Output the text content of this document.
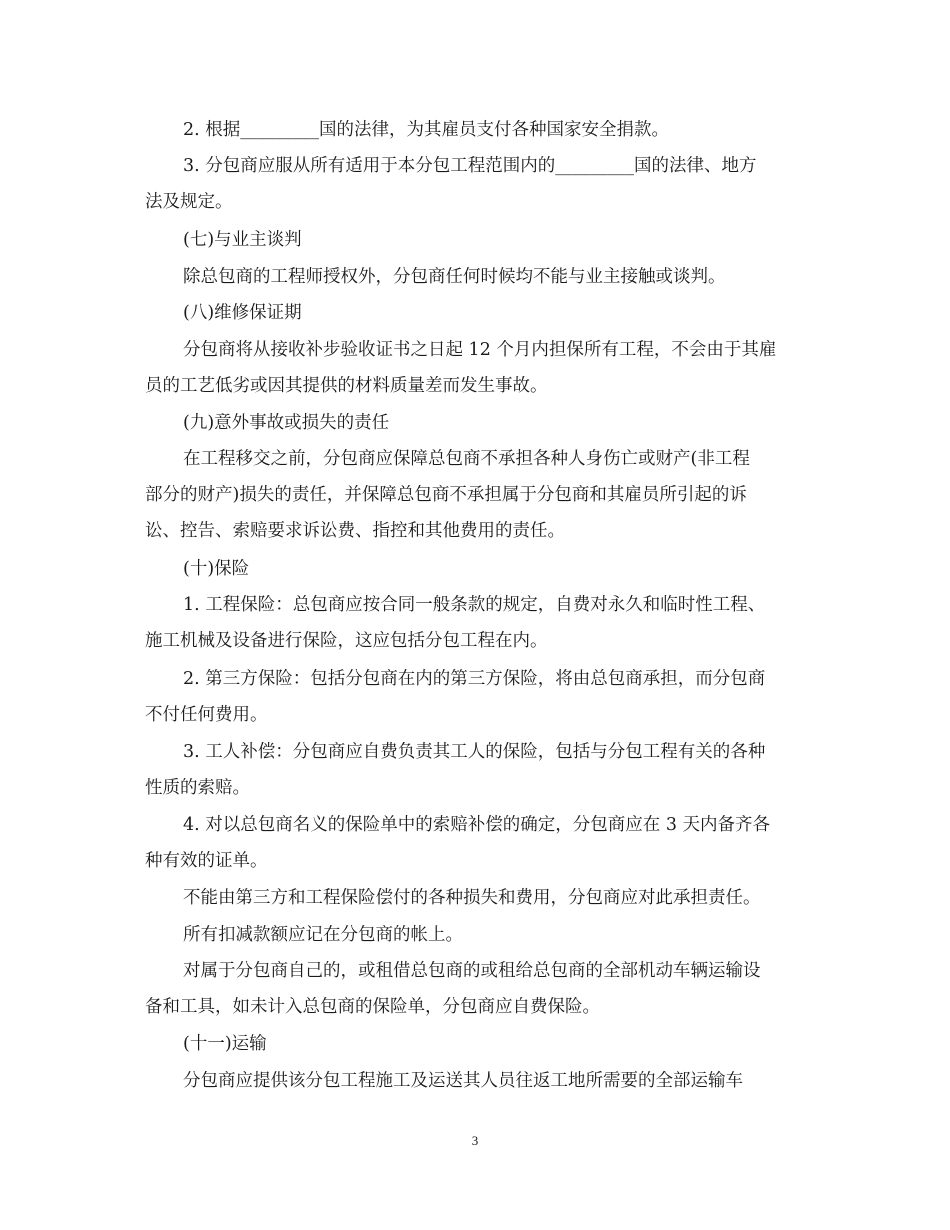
2. 根据_________国的法律，为其雇员支付各种国家安全捐款。
3. 分包商应服从所有适用于本分包工程范围内的_________国的法律、地方
法及规定。
(七)与业主谈判
除总包商的工程师授权外，分包商任何时候均不能与业主接触或谈判。
(八)维修保证期
分包商将从接收补步验收证书之日起 12 个月内担保所有工程，不会由于其雇
员的工艺低劣或因其提供的材料质量差而发生事故。
(九)意外事故或损失的责任
在工程移交之前，分包商应保障总包商不承担各种人身伤亡或财产(非工程
部分的财产)损失的责任，并保障总包商不承担属于分包商和其雇员所引起的诉
讼、控告、索赔要求诉讼费、指控和其他费用的责任。
(十)保险
1. 工程保险：总包商应按合同一般条款的规定，自费对永久和临时性工程、
施工机械及设备进行保险，这应包括分包工程在内。
2. 第三方保险：包括分包商在内的第三方保险，将由总包商承担，而分包商
不付任何费用。
3. 工人补偿：分包商应自费负责其工人的保险，包括与分包工程有关的各种
性质的索赔。
4. 对以总包商名义的保险单中的索赔补偿的确定，分包商应在 3 天内备齐各
种有效的证单。
不能由第三方和工程保险偿付的各种损失和费用，分包商应对此承担责任。
所有扣减款额应记在分包商的帐上。
对属于分包商自己的，或租借总包商的或租给总包商的全部机动车辆运输设
备和工具，如未计入总包商的保险单，分包商应自费保险。
(十一)运输
分包商应提供该分包工程施工及运送其人员往返工地所需要的全部运输车
3
